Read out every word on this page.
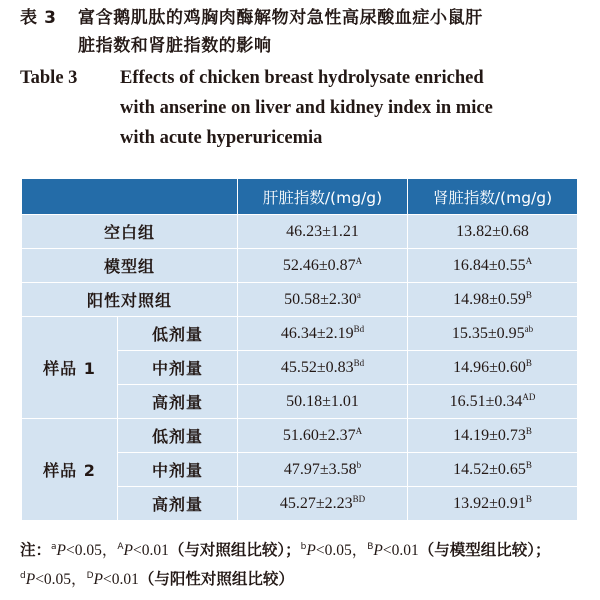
表 3 富含鹅肌肽的鸡胸肉酶解物对急性高尿酸血症小鼠肝
脏指数和肾脏指数的影响
Table 3 Effects of chicken breast hydrolysate enriched
with anserine on liver and kidney index in mice
with acute hyperuricemia
		肝脏指数/(mg/g)	肾脏指数/(mg/g)
空白组		46.23±1.21	13.82±0.68
模型组		$52.46\pm 0.87^A$	$16.84\pm 0.55^A$
阳性对照组		50.58±2.30$^a$	$14.98\pm 0.59^B$
样品 1	低剂量	$46.34\pm 2.19^{Bd}$	15.35±0.95$^{ab}$
	中剂量	$45.52\pm 0.83^{Bd}$	$14.96\pm 0.60^B$
	高剂量	50.18±1.01	$16.51\pm 0.34^{AD}$
样品 2	低剂量	$51.60\pm 2.37^A$	$14.19\pm 0.73^B$
	中剂量	47.97±3.58$^b$	$14.52\pm 0.65^B$
	高剂量	$45.27\pm 2.23^{BD}$	$13.92\pm 0.91^B$
注：$^a$P<0.05，$^A$P<0.01（与对照组比较）；$^b$P<0.05，$^B$P<0.01（与模型组比较）；$^d$P<0.05，$^D$P<0.01（与阳性对照组比较）
